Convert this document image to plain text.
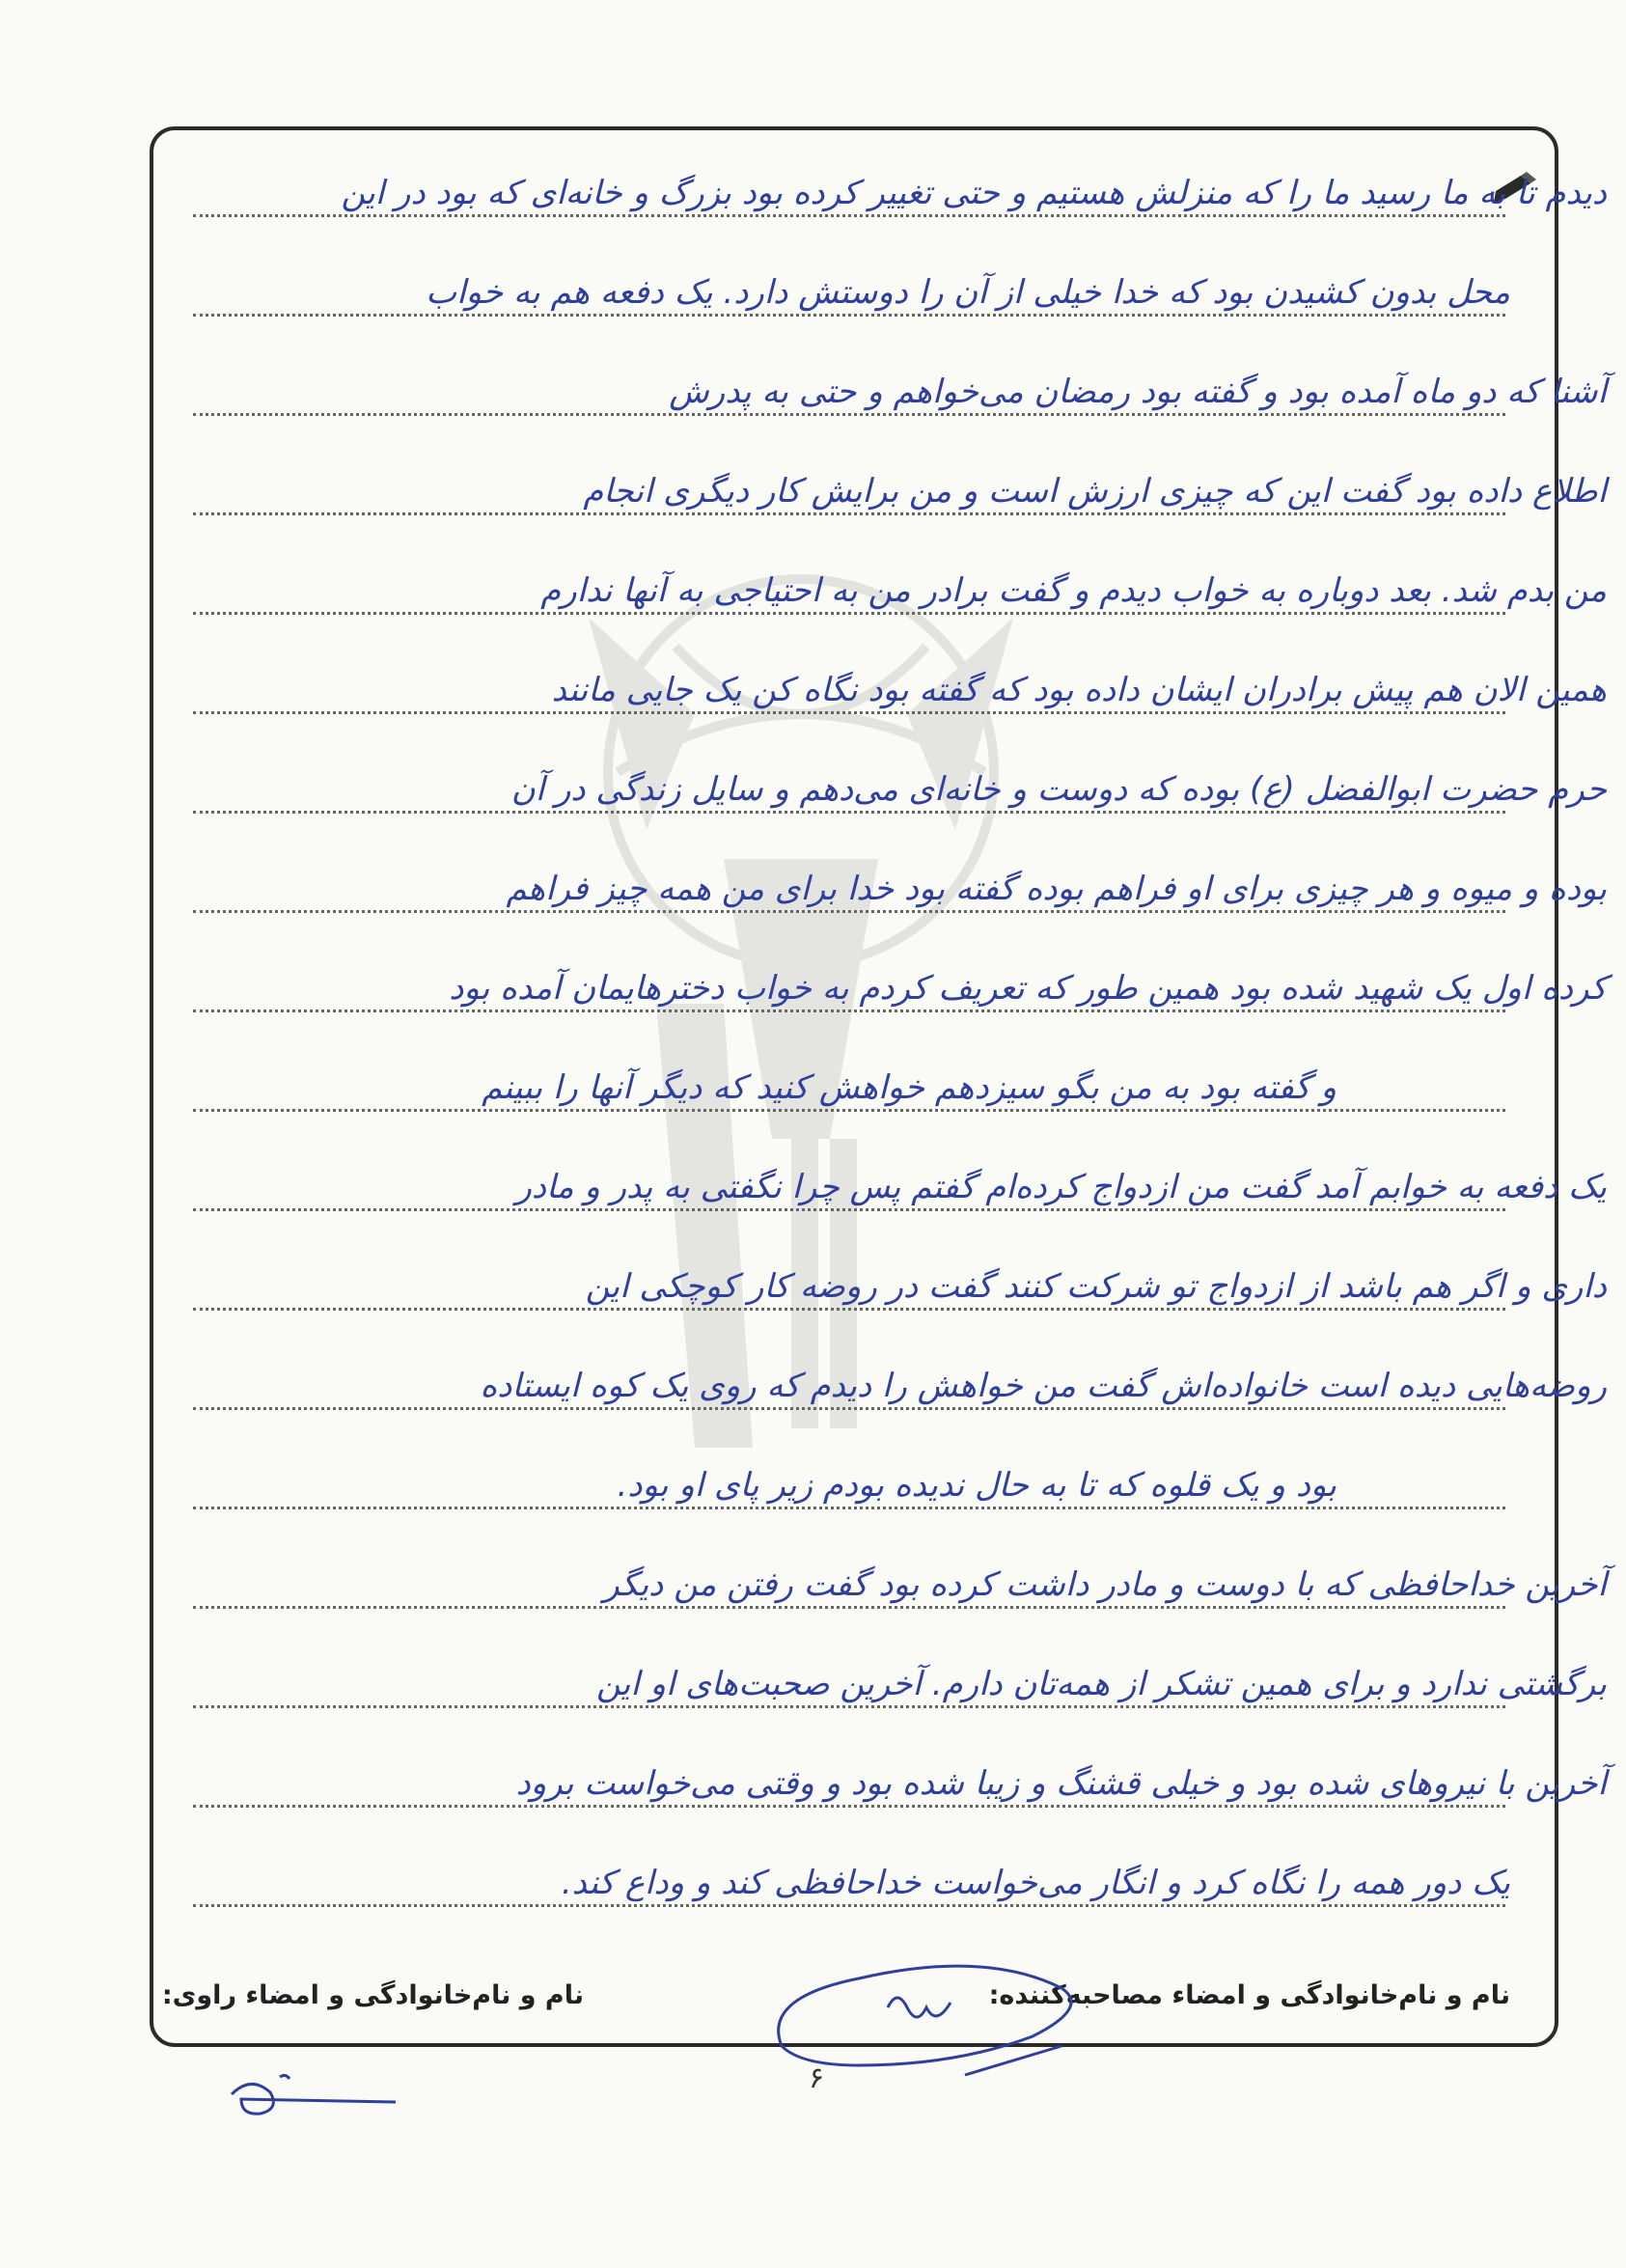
دیدم تا به ما رسید ما را که منزلش هستیم و حتی تغییر کرده بود بزرگ و خانه‌ای که بود در این
محل بدون کشیدن بود که خدا خیلی از آن را دوستش دارد. یک دفعه هم به خواب
آشنا که دو ماه آمده بود و گفته بود رمضان می‌خواهم و حتی به پدرش
اطلاع داده بود گفت این که چیزی ارزش است و من برایش کار دیگری انجام
من بدم شد. بعد دوباره به خواب دیدم و گفت برادر من به احتیاجی به آنها ندارم
همین الان هم پیش برادران ایشان داده بود که گفته بود نگاه کن یک جایی مانند
حرم حضرت ابوالفضل (ع) بوده که دوست و خانه‌ای می‌دهم و سایل زندگی در آن
بوده و میوه و هر چیزی برای او فراهم بوده گفته بود خدا برای من همه چیز فراهم
کرده اول یک شهید شده بود همین طور که تعریف کردم به خواب دخترهایمان آمده بود
و گفته بود به من بگو سیزدهم خواهش کنید که دیگر آنها را ببینم
یک دفعه به خوابم آمد گفت من ازدواج کرده‌ام گفتم پس چرا نگفتی به پدر و مادر
داری و اگر هم باشد از ازدواج تو شرکت کنند گفت در روضه کار کوچکی این
روضه‌هایی دیده است خانواده‌اش گفت من خواهش را دیدم که روی یک کوه ایستاده
بود و یک قلوه که تا به حال ندیده بودم زیر پای او بود.
آخرین خداحافظی که با دوست و مادر داشت کرده بود گفت رفتن من دیگر
برگشتی ندارد و برای همین تشکر از همه‌تان دارم. آخرین صحبت‌های او این
آخرین با نیروهای شده بود و خیلی قشنگ و زیبا شده بود و وقتی می‌خواست برود
یک دور همه را نگاه کرد و انگار می‌خواست خداحافظی کند و وداع کند.
نام و نام‌خانوادگی و امضاء مصاحبه‌کننده:
نام و نام‌خانوادگی و امضاء راوی:
۶
